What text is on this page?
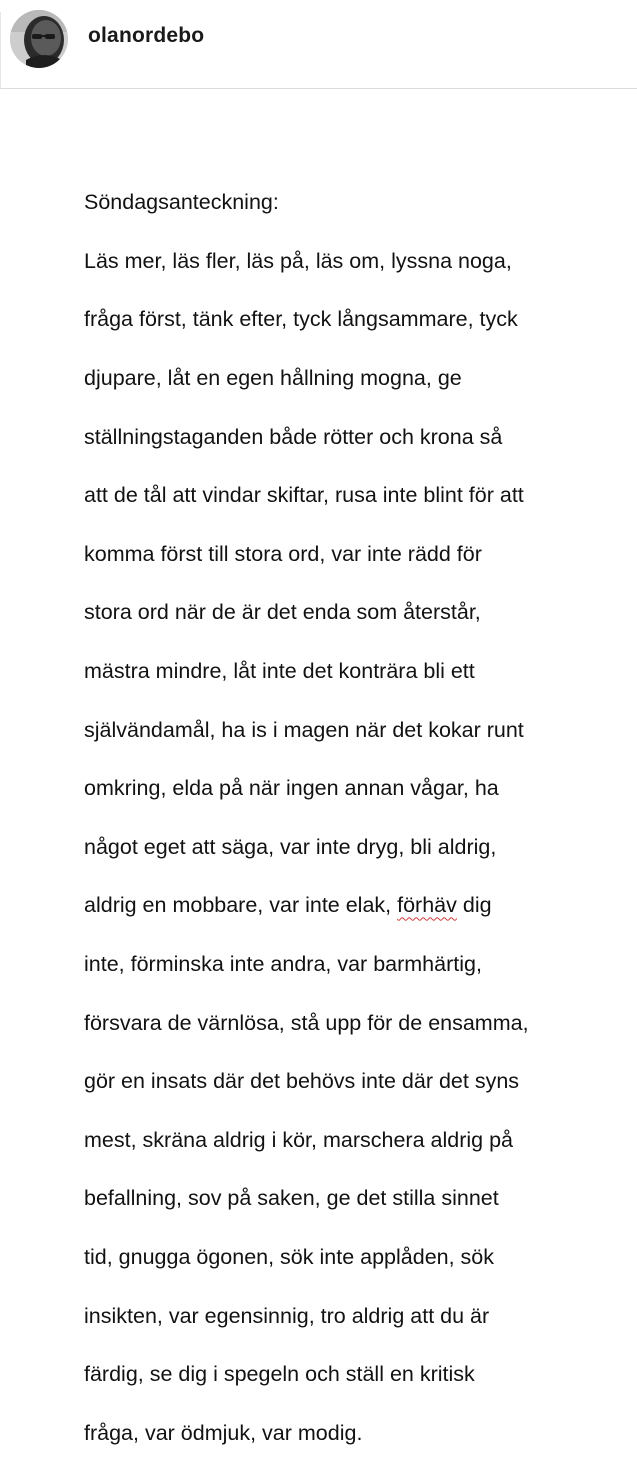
olanordebo

Söndagsanteckning:

Läs mer, läs fler, läs på, läs om, lyssna noga,

fråga först, tänk efter, tyck långsammare, tyck

djupare, låt en egen hållning mogna, ge

ställningstaganden både rötter och krona så

att de tål att vindar skiftar, rusa inte blint för att

komma först till stora ord, var inte rädd för

stora ord när de är det enda som återstår,

mästra mindre, låt inte det konträra bli ett

självändamål, ha is i magen när det kokar runt

omkring, elda på när ingen annan vågar, ha

något eget att säga, var inte dryg, bli aldrig,

aldrig en mobbare, var inte elak, förhäv dig

inte, förminska inte andra, var barmhärtig,

försvara de värnlösa, stå upp för de ensamma,

gör en insats där det behövs inte där det syns

mest, skräna aldrig i kör, marschera aldrig på

befallning, sov på saken, ge det stilla sinnet

tid, gnugga ögonen, sök inte applåden, sök

insikten, var egensinnig, tro aldrig att du är

färdig, se dig i spegeln och ställ en kritisk

fråga, var ödmjuk, var modig.
